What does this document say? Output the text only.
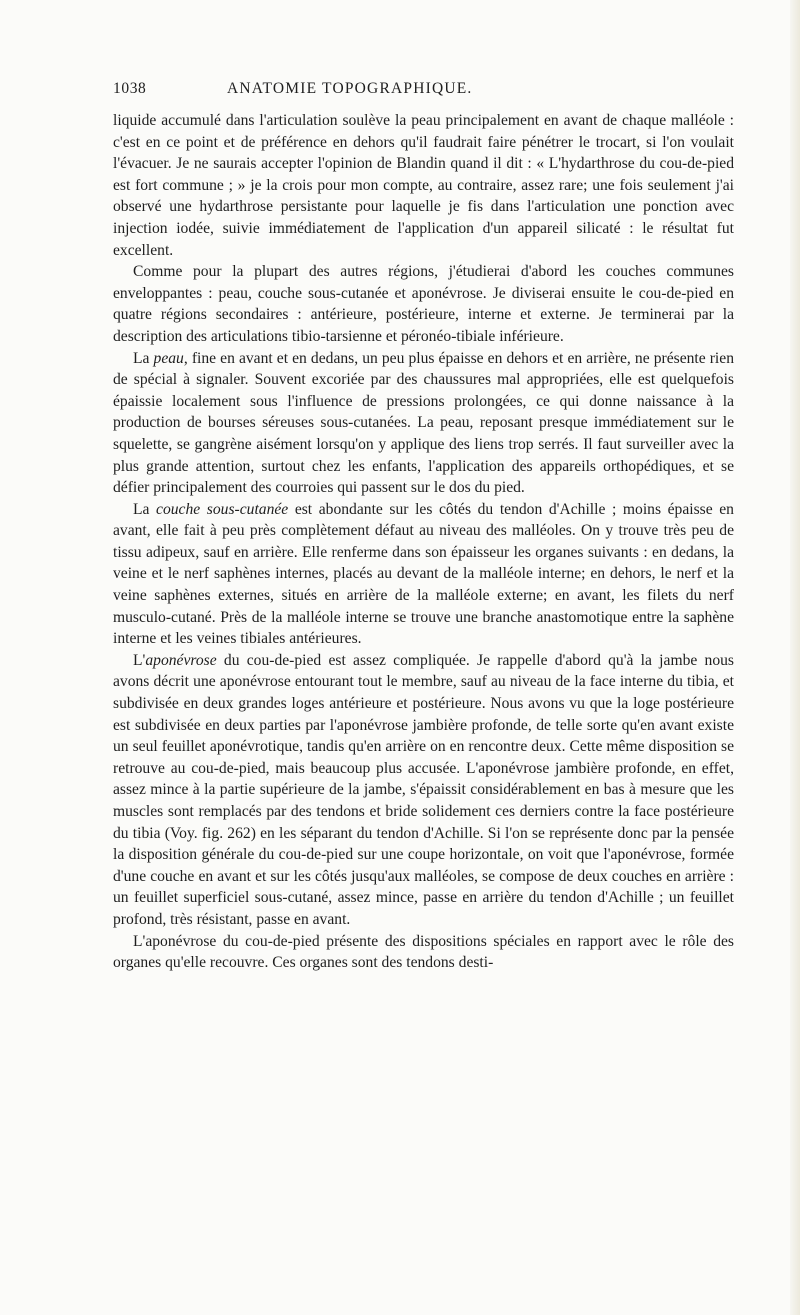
1038	ANATOMIE TOPOGRAPHIQUE.

liquide accumulé dans l'articulation soulève la peau principalement en avant de chaque malléole : c'est en ce point et de préférence en dehors qu'il faudrait faire pénétrer le trocart, si l'on voulait l'évacuer. Je ne saurais accepter l'opinion de Blandin quand il dit : « L'hydarthrose du cou-de-pied est fort commune ; » je la crois pour mon compte, au contraire, assez rare; une fois seulement j'ai observé une hydarthrose persistante pour laquelle je fis dans l'articulation une ponction avec injection iodée, suivie immédiatement de l'application d'un appareil silicaté : le résultat fut excellent.

Comme pour la plupart des autres régions, j'étudierai d'abord les couches communes enveloppantes : peau, couche sous-cutanée et aponévrose. Je diviserai ensuite le cou-de-pied en quatre régions secondaires : antérieure, postérieure, interne et externe. Je terminerai par la description des articulations tibio-tarsienne et péronéo-tibiale inférieure.

La peau, fine en avant et en dedans, un peu plus épaisse en dehors et en arrière, ne présente rien de spécial à signaler. Souvent excoriée par des chaussures mal appropriées, elle est quelquefois épaissie localement sous l'influence de pressions prolongées, ce qui donne naissance à la production de bourses séreuses sous-cutanées. La peau, reposant presque immédiatement sur le squelette, se gangrène aisément lorsqu'on y applique des liens trop serrés. Il faut surveiller avec la plus grande attention, surtout chez les enfants, l'application des appareils orthopédiques, et se défier principalement des courroies qui passent sur le dos du pied.

La couche sous-cutanée est abondante sur les côtés du tendon d'Achille ; moins épaisse en avant, elle fait à peu près complètement défaut au niveau des malléoles. On y trouve très peu de tissu adipeux, sauf en arrière. Elle renferme dans son épaisseur les organes suivants : en dedans, la veine et le nerf saphènes internes, placés au devant de la malléole interne; en dehors, le nerf et la veine saphènes externes, situés en arrière de la malléole externe; en avant, les filets du nerf musculo-cutané. Près de la malléole interne se trouve une branche anastomotique entre la saphène interne et les veines tibiales antérieures.

L'aponévrose du cou-de-pied est assez compliquée. Je rappelle d'abord qu'à la jambe nous avons décrit une aponévrose entourant tout le membre, sauf au niveau de la face interne du tibia, et subdivisée en deux grandes loges antérieure et postérieure. Nous avons vu que la loge postérieure est subdivisée en deux parties par l'aponévrose jambière profonde, de telle sorte qu'en avant existe un seul feuillet aponévrotique, tandis qu'en arrière on en rencontre deux. Cette même disposition se retrouve au cou-de-pied, mais beaucoup plus accusée. L'aponévrose jambière profonde, en effet, assez mince à la partie supérieure de la jambe, s'épaissit considérablement en bas à mesure que les muscles sont remplacés par des tendons et bride solidement ces derniers contre la face postérieure du tibia (Voy. fig. 262) en les séparant du tendon d'Achille. Si l'on se représente donc par la pensée la disposition générale du cou-de-pied sur une coupe horizontale, on voit que l'aponévrose, formée d'une couche en avant et sur les côtés jusqu'aux malléoles, se compose de deux couches en arrière : un feuillet superficiel sous-cutané, assez mince, passe en arrière du tendon d'Achille ; un feuillet profond, très résistant, passe en avant.

L'aponévrose du cou-de-pied présente des dispositions spéciales en rapport avec le rôle des organes qu'elle recouvre. Ces organes sont des tendons desti-
